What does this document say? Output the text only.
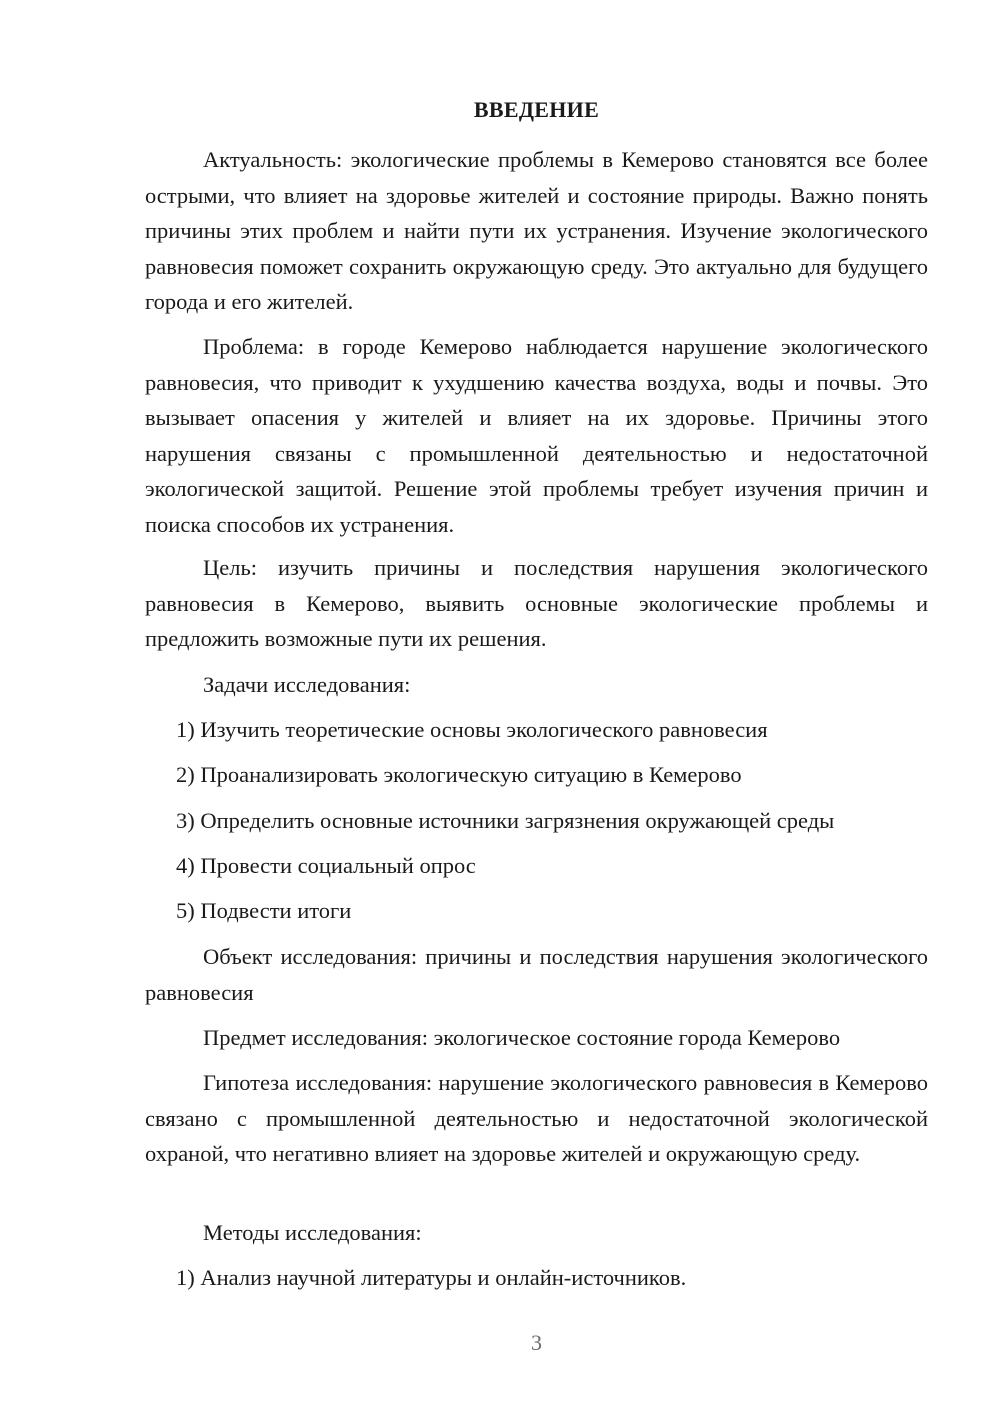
ВВЕДЕНИЕ

Актуальность: экологические проблемы в Кемерово становятся все более острыми, что влияет на здоровье жителей и состояние природы. Важно понять причины этих проблем и найти пути их устранения. Изучение экологического равновесия поможет сохранить окружающую среду. Это актуально для будущего города и его жителей.

Проблема: в городе Кемерово наблюдается нарушение экологического равновесия, что приводит к ухудшению качества воздуха, воды и почвы. Это вызывает опасения у жителей и влияет на их здоровье. Причины этого нарушения связаны с промышленной деятельностью и недостаточной экологической защитой. Решение этой проблемы требует изучения причин и поиска способов их устранения.

Цель: изучить причины и последствия нарушения экологического равновесия в Кемерово, выявить основные экологические проблемы и предложить возможные пути их решения.

Задачи исследования:

1) Изучить теоретические основы экологического равновесия

2) Проанализировать экологическую ситуацию в Кемерово

3) Определить основные источники загрязнения окружающей среды

4) Провести социальный опрос

5) Подвести итоги

Объект исследования: причины и последствия нарушения экологического равновесия

Предмет исследования: экологическое состояние города Кемерово

Гипотеза исследования: нарушение экологического равновесия в Кемерово связано с промышленной деятельностью и недостаточной экологической охраной, что негативно влияет на здоровье жителей и окружающую среду.

Методы исследования:

1) Анализ научной литературы и онлайн-источников.

3
